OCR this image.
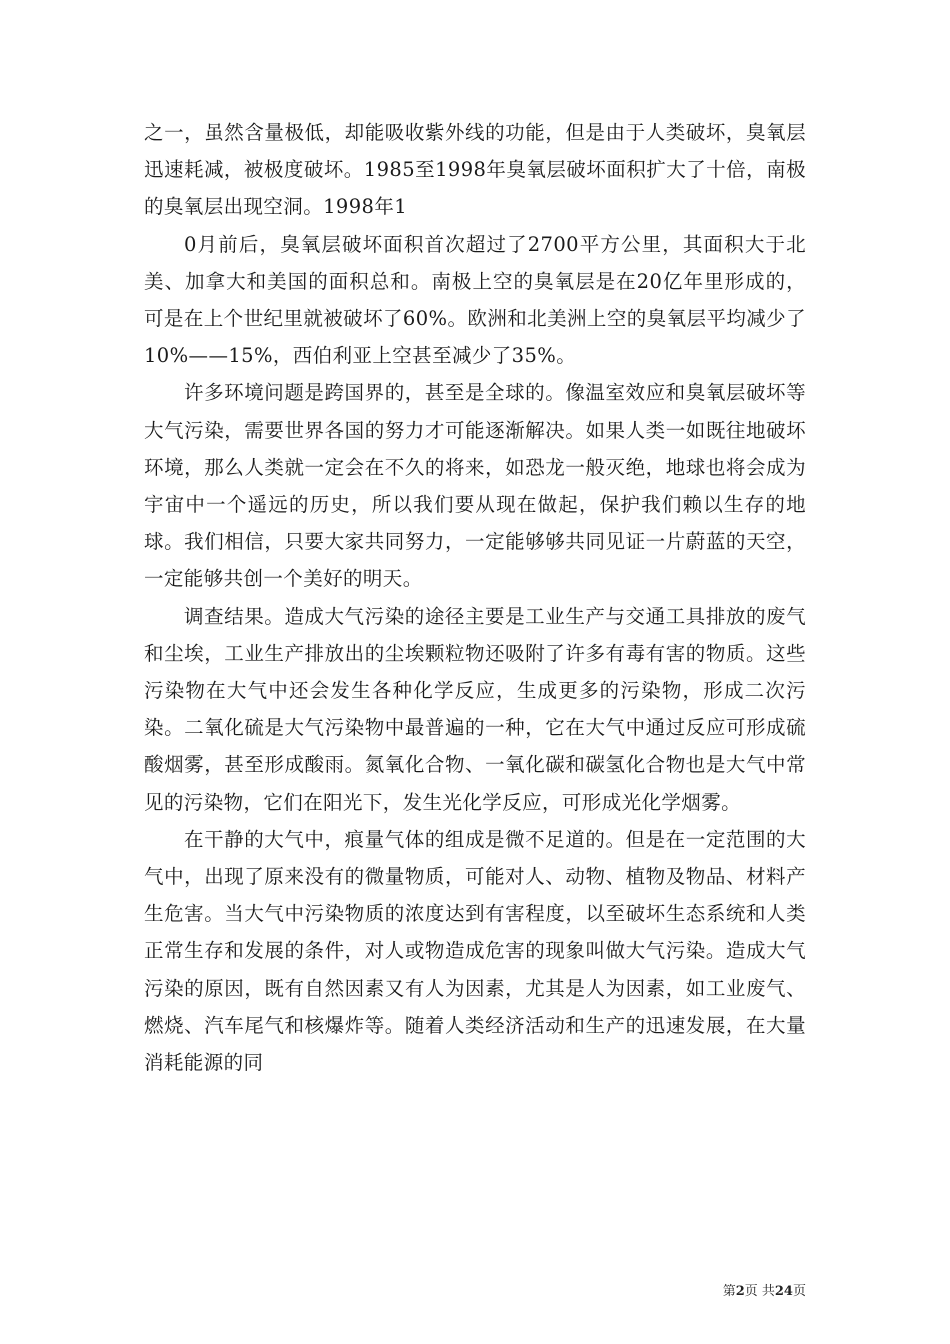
之一，虽然含量极低，却能吸收紫外线的功能，但是由于人类破坏，臭氧层迅速耗减，被极度破坏。1985至1998年臭氧层破坏面积扩大了十倍，南极的臭氧层出现空洞。1998年1

0月前后，臭氧层破坏面积首次超过了2700平方公里，其面积大于北美、加拿大和美国的面积总和。南极上空的臭氧层是在20亿年里形成的，可是在上个世纪里就被破坏了60%。欧洲和北美洲上空的臭氧层平均减少了10%——15%，西伯利亚上空甚至减少了35%。

许多环境问题是跨国界的，甚至是全球的。像温室效应和臭氧层破坏等大气污染，需要世界各国的努力才可能逐渐解决。如果人类一如既往地破坏环境，那么人类就一定会在不久的将来，如恐龙一般灭绝，地球也将会成为宇宙中一个遥远的历史，所以我们要从现在做起，保护我们赖以生存的地球。我们相信，只要大家共同努力，一定能够够共同见证一片蔚蓝的天空，一定能够共创一个美好的明天。

调查结果。造成大气污染的途径主要是工业生产与交通工具排放的废气和尘埃，工业生产排放出的尘埃颗粒物还吸附了许多有毒有害的物质。这些污染物在大气中还会发生各种化学反应，生成更多的污染物，形成二次污染。二氧化硫是大气污染物中最普遍的一种，它在大气中通过反应可形成硫酸烟雾，甚至形成酸雨。氮氧化合物、一氧化碳和碳氢化合物也是大气中常见的污染物，它们在阳光下，发生光化学反应，可形成光化学烟雾。

在干静的大气中，痕量气体的组成是微不足道的。但是在一定范围的大气中，出现了原来没有的微量物质，可能对人、动物、植物及物品、材料产生危害。当大气中污染物质的浓度达到有害程度，以至破坏生态系统和人类正常生存和发展的条件，对人或物造成危害的现象叫做大气污染。造成大气污染的原因，既有自然因素又有人为因素，尤其是人为因素，如工业废气、燃烧、汽车尾气和核爆炸等。随着人类经济活动和生产的迅速发展，在大量消耗能源的同

第2页 共24页
